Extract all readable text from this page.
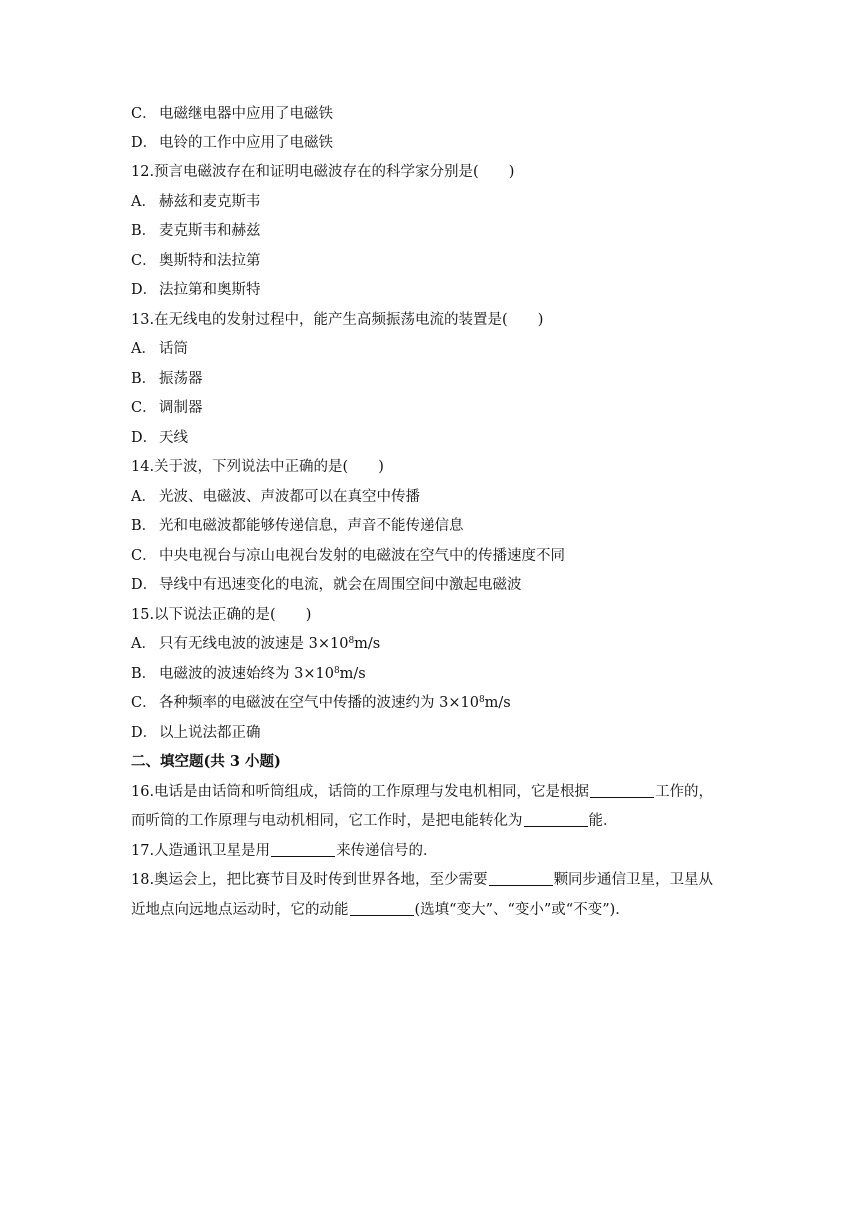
C． 电磁继电器中应用了电磁铁
D． 电铃的工作中应用了电磁铁
12.预言电磁波存在和证明电磁波存在的科学家分别是( )
A． 赫兹和麦克斯韦
B． 麦克斯韦和赫兹
C． 奥斯特和法拉第
D． 法拉第和奥斯特
13.在无线电的发射过程中，能产生高频振荡电流的装置是( )
A． 话筒
B． 振荡器
C． 调制器
D． 天线
14.关于波，下列说法中正确的是( )
A． 光波、电磁波、声波都可以在真空中传播
B． 光和电磁波都能够传递信息，声音不能传递信息
C． 中央电视台与凉山电视台发射的电磁波在空气中的传播速度不同
D． 导线中有迅速变化的电流，就会在周围空间中激起电磁波
15.以下说法正确的是( )
A． 只有无线电波的波速是 $3\times 10^8m/s$
B． 电磁波的波速始终为 $3\times 10^8m/s$
C． 各种频率的电磁波在空气中传播的波速约为 $3\times 10^8m/s$
D． 以上说法都正确
二、填空题(共 3 小题)
16.电话是由话筒和听筒组成，话筒的工作原理与发电机相同，它是根据	工作的，
而听筒的工作原理与电动机相同，它工作时，是把电能转化为	能．
17.人造通讯卫星是用	来传递信号的．
18.奥运会上，把比赛节目及时传到世界各地，至少需要	颗同步通信卫星，卫星从
近地点向远地点运动时，它的动能	(选填“变大”、“变小”或“不变”)．
